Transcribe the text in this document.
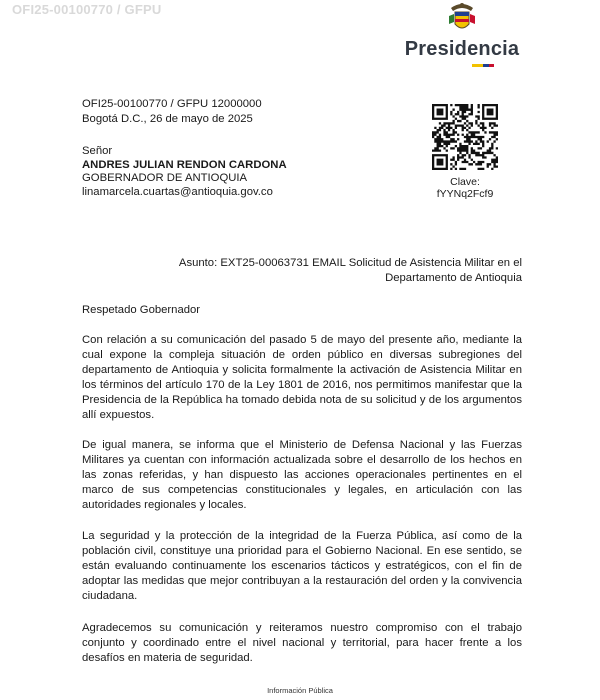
OFI25-00100770 / GFPU
Presidencia
OFI25-00100770 / GFPU 12000000
Bogotá D.C., 26 de mayo de 2025
Señor
ANDRES JULIAN RENDON CARDONA
GOBERNADOR DE ANTIOQUIA
linamarcela.cuartas@antioquia.gov.co
Clave:
fYYNq2Fcf9
Asunto: EXT25-00063731 EMAIL Solicitud de Asistencia Militar en el Departamento de Antioquia
Respetado Gobernador

Con relación a su comunicación del pasado 5 de mayo del presente año, mediante la cual expone la compleja situación de orden público en diversas subregiones del departamento de Antioquia y solicita formalmente la activación de Asistencia Militar en los términos del artículo 170 de la Ley 1801 de 2016, nos permitimos manifestar que la Presidencia de la República ha tomado debida nota de su solicitud y de los argumentos allí expuestos.

De igual manera, se informa que el Ministerio de Defensa Nacional y las Fuerzas Militares ya cuentan con información actualizada sobre el desarrollo de los hechos en las zonas referidas, y han dispuesto las acciones operacionales pertinentes en el marco de sus competencias constitucionales y legales, en articulación con las autoridades regionales y locales.

La seguridad y la protección de la integridad de la Fuerza Pública, así como de la población civil, constituye una prioridad para el Gobierno Nacional. En ese sentido, se están evaluando continuamente los escenarios tácticos y estratégicos, con el fin de adoptar las medidas que mejor contribuyan a la restauración del orden y la convivencia ciudadana.

Agradecemos su comunicación y reiteramos nuestro compromiso con el trabajo conjunto y coordinado entre el nivel nacional y territorial, para hacer frente a los desafíos en materia de seguridad.

Información Pública
